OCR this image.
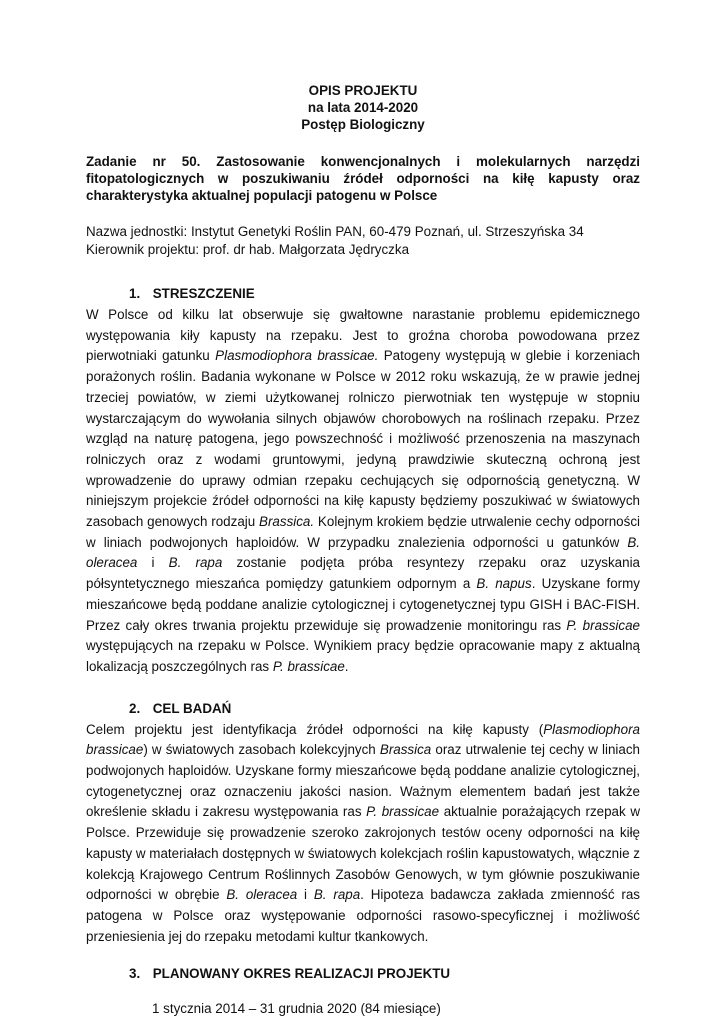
OPIS PROJEKTU
na lata 2014-2020
Postęp Biologiczny
Zadanie nr 50. Zastosowanie konwencjonalnych i molekularnych narzędzi fitopatologicznych w poszukiwaniu źródeł odporności na kiłę kapusty oraz charakterystyka aktualnej populacji patogenu w Polsce
Nazwa jednostki: Instytut Genetyki Roślin PAN, 60-479 Poznań, ul. Strzeszyńska 34
Kierownik projektu: prof. dr hab. Małgorzata Jędryczka
1. STRESZCZENIE

W Polsce od kilku lat obserwuje się gwałtowne narastanie problemu epidemicznego występowania kiły kapusty na rzepaku. Jest to groźna choroba powodowana przez pierwotniaki gatunku Plasmodiophora brassicae. Patogeny występują w glebie i korzeniach porażonych roślin. Badania wykonane w Polsce w 2012 roku wskazują, że w prawie jednej trzeciej powiatów, w ziemi użytkowanej rolniczo pierwotniak ten występuje w stopniu wystarczającym do wywołania silnych objawów chorobowych na roślinach rzepaku. Przez wzgląd na naturę patogena, jego powszechność i możliwość przenoszenia na maszynach rolniczych oraz z wodami gruntowymi, jedyną prawdziwie skuteczną ochroną jest wprowadzenie do uprawy odmian rzepaku cechujących się odpornością genetyczną. W niniejszym projekcie źródeł odporności na kiłę kapusty będziemy poszukiwać w światowych zasobach genowych rodzaju Brassica. Kolejnym krokiem będzie utrwalenie cechy odporności w liniach podwojonych haploidów. W przypadku znalezienia odporności u gatunków B. oleracea i B. rapa zostanie podjęta próba resyntezy rzepaku oraz uzyskania półsyntetycznego mieszańca pomiędzy gatunkiem odpornym a B. napus. Uzyskane formy mieszańcowe będą poddane analizie cytologicznej i cytogenetycznej typu GISH i BAC-FISH. Przez cały okres trwania projektu przewiduje się prowadzenie monitoringu ras P. brassicae występujących na rzepaku w Polsce. Wynikiem pracy będzie opracowanie mapy z aktualną lokalizacją poszczególnych ras P. brassicae.

2. CEL BADAŃ

Celem projektu jest identyfikacja źródeł odporności na kiłę kapusty (Plasmodiophora brassicae) w światowych zasobach kolekcyjnych Brassica oraz utrwalenie tej cechy w liniach podwojonych haploidów. Uzyskane formy mieszańcowe będą poddane analizie cytologicznej, cytogenetycznej oraz oznaczeniu jakości nasion. Ważnym elementem badań jest także określenie składu i zakresu występowania ras P. brassicae aktualnie porażających rzepak w Polsce. Przewiduje się prowadzenie szeroko zakrojonych testów oceny odporności na kiłę kapusty w materiałach dostępnych w światowych kolekcjach roślin kapustowatych, włącznie z kolekcją Krajowego Centrum Roślinnych Zasobów Genowych, w tym głównie poszukiwanie odporności w obrębie B. oleracea i B. rapa. Hipoteza badawcza zakłada zmienność ras patogena w Polsce oraz występowanie odporności rasowo-specyficznej i możliwość przeniesienia jej do rzepaku metodami kultur tkankowych.

3. PLANOWANY OKRES REALIZACJI PROJEKTU
1 stycznia 2014 – 31 grudnia 2020 (84 miesiące)
